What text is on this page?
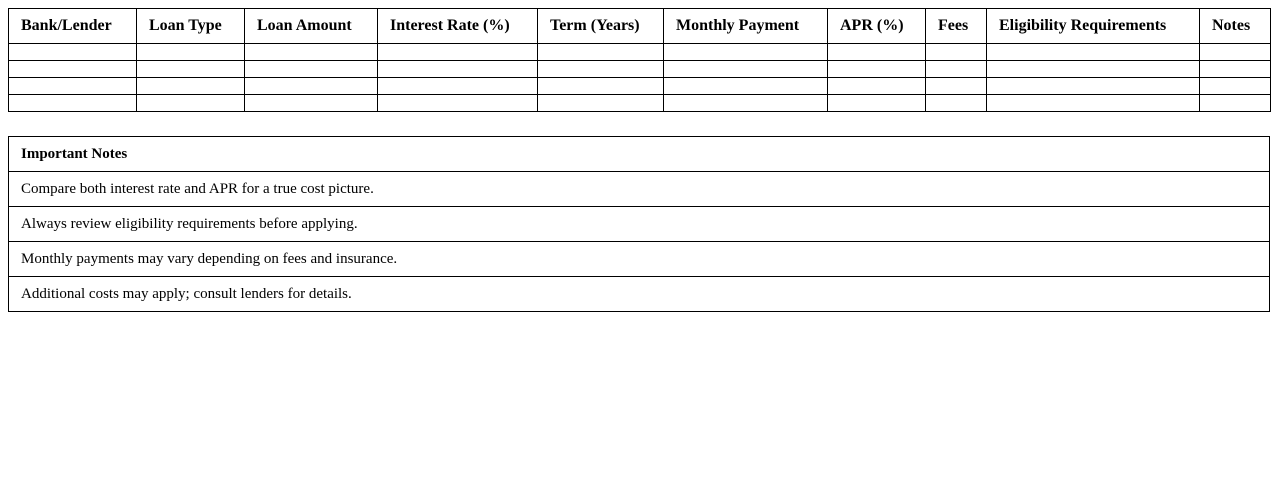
Bank/Lender	Loan Type	Loan Amount	Interest Rate (%)	Term (Years)	Monthly Payment	APR (%)	Fees	Eligibility Requirements	Notes

Important Notes
Compare both interest rate and APR for a true cost picture.
Always review eligibility requirements before applying.
Monthly payments may vary depending on fees and insurance.
Additional costs may apply; consult lenders for details.
